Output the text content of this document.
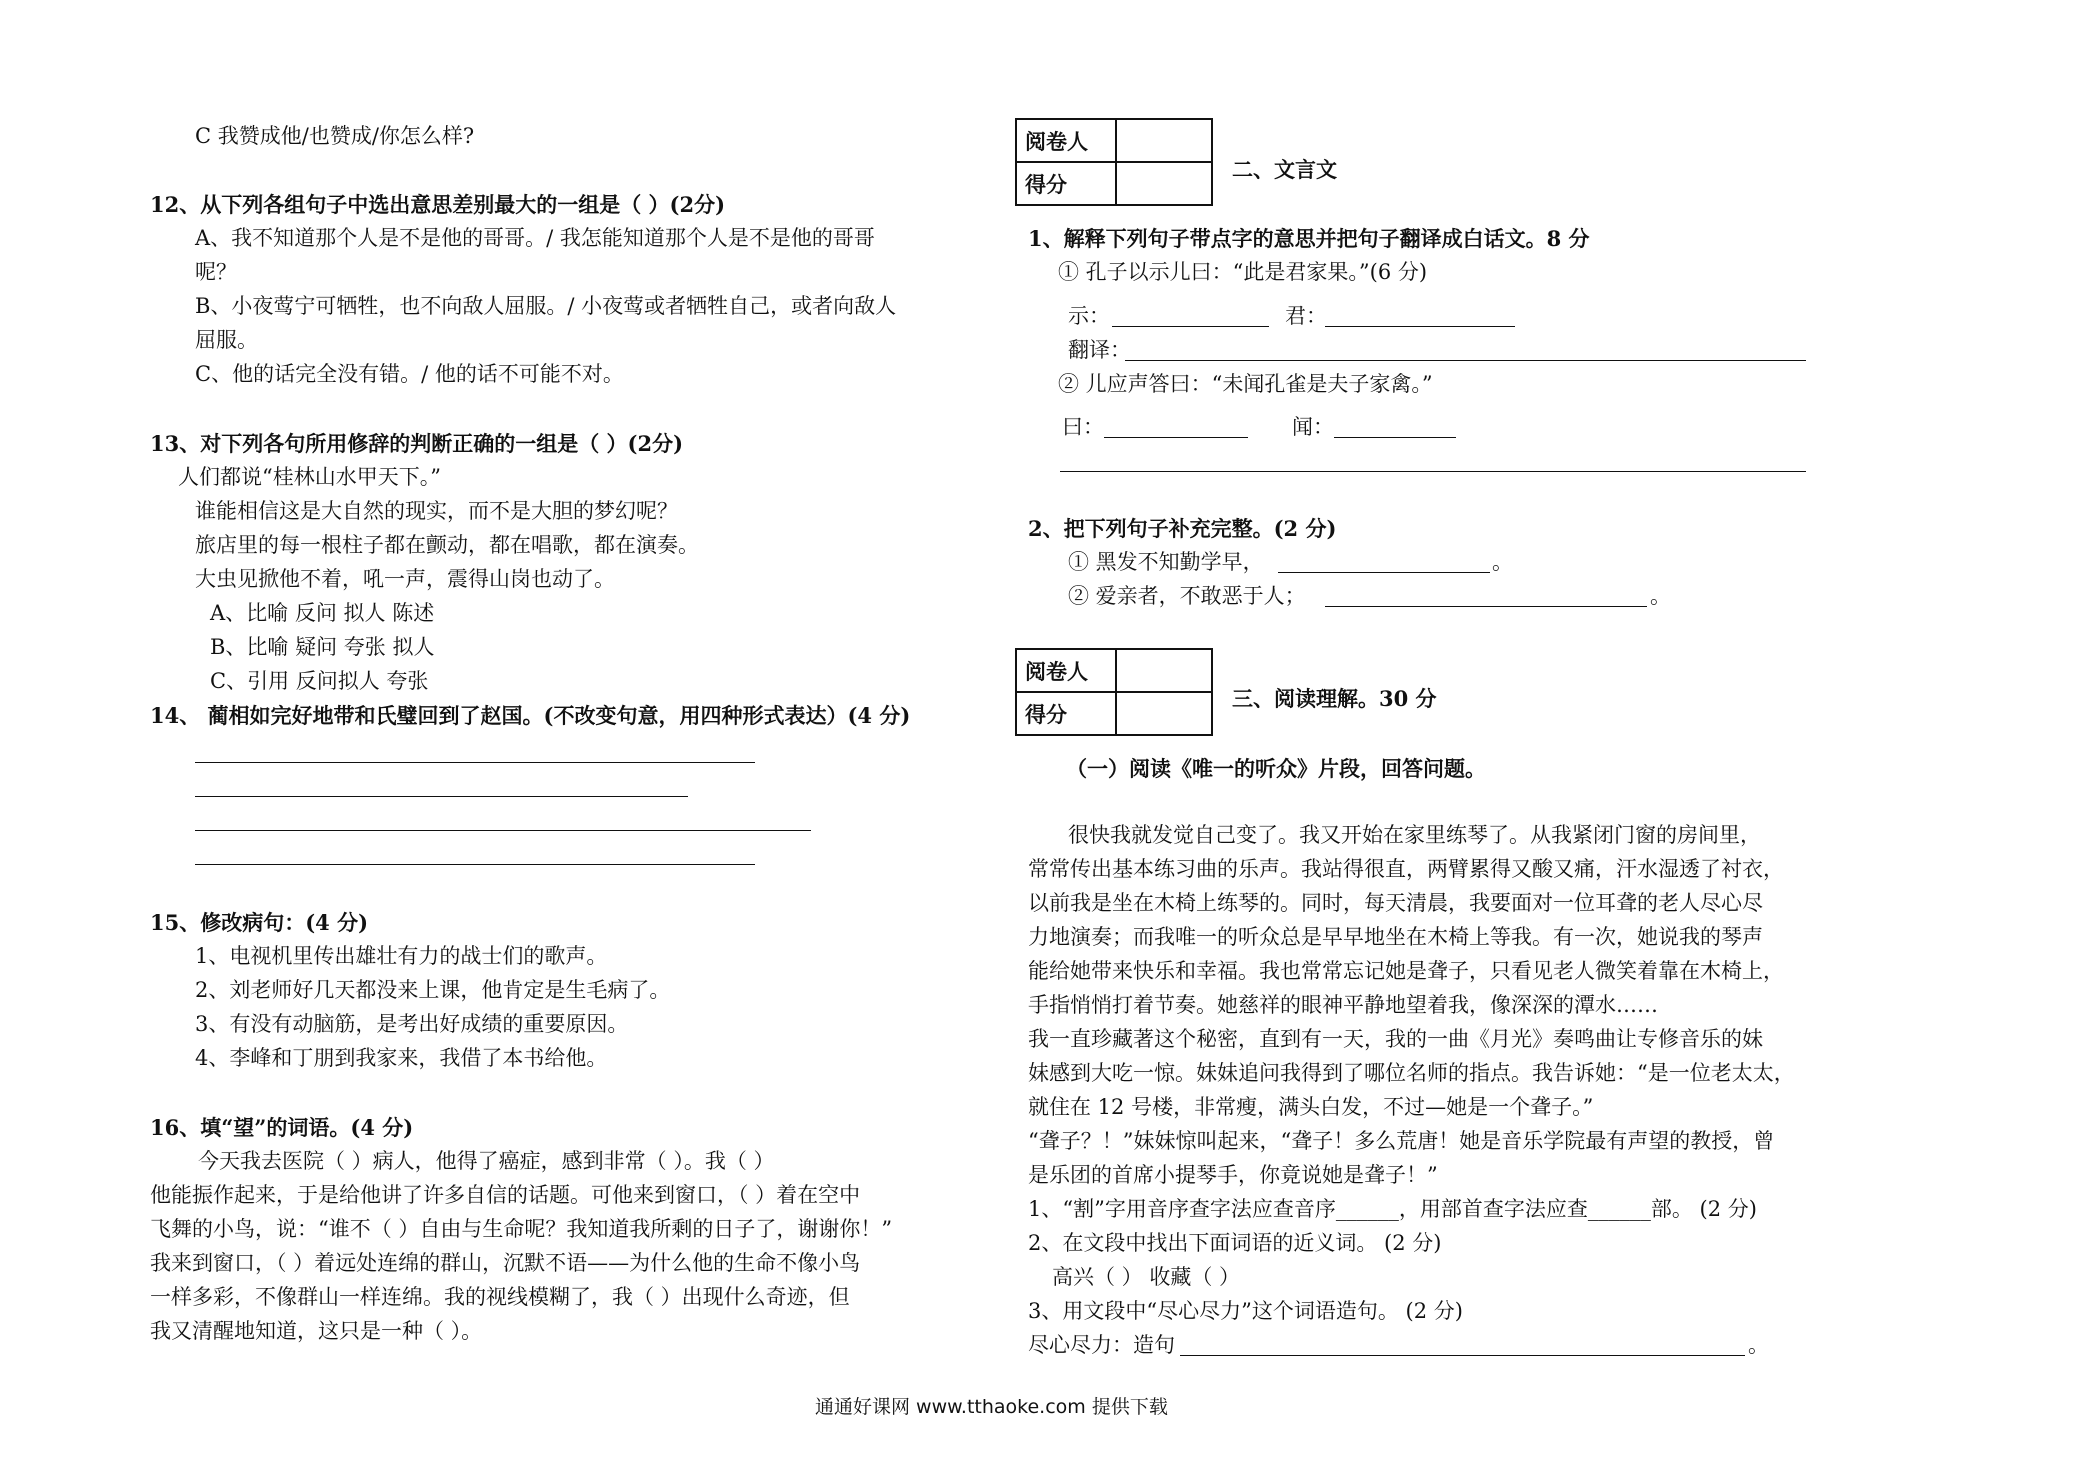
C 我赞成他/也赞成/你怎么样?
12、从下列各组句子中选出意思差别最大的一组是（ ）(2分)
A、我不知道那个人是不是他的哥哥。/ 我怎能知道那个人是不是他的哥哥
呢？
B、小夜莺宁可牺牲，也不向敌人屈服。/ 小夜莺或者牺牲自己，或者向敌人
屈服。
C、他的话完全没有错。/ 他的话不可能不对。
13、对下列各句所用修辞的判断正确的一组是（ ）(2分)
人们都说“桂林山水甲天下。”
谁能相信这是大自然的现实，而不是大胆的梦幻呢？
旅店里的每一根柱子都在颤动，都在唱歌，都在演奏。
大虫见掀他不着，吼一声，震得山岗也动了。
A、比喻 反问 拟人 陈述
B、比喻 疑问 夸张 拟人
C、引用 反问拟人 夸张
14、 蔺相如完好地带和氏璧回到了赵国。(不改变句意，用四种形式表达）(4 分)
15、修改病句：(4 分)
1、电视机里传出雄壮有力的战士们的歌声。
2、刘老师好几天都没来上课，他肯定是生毛病了。
3、有没有动脑筋，是考出好成绩的重要原因。
4、李峰和丁朋到我家来，我借了本书给他。
16、填“望”的词语。(4 分)
今天我去医院（ ）病人，他得了癌症，感到非常（ ）。我（ ）
他能振作起来，于是给他讲了许多自信的话题。可他来到窗口，（ ）着在空中
飞舞的小鸟，说：“谁不（ ）自由与生命呢？我知道我所剩的日子了，谢谢你！”
我来到窗口，（ ）着远处连绵的群山，沉默不语——为什么他的生命不像小鸟
一样多彩，不像群山一样连绵。我的视线模糊了，我（ ）出现什么奇迹，但
我又清醒地知道，这只是一种（ ）。
阅卷人	
得分	
二、文言文
1、解释下列句子带点字的意思并把句子翻译成白话文。8 分
① 孔子以示儿曰：“此是君家果。”(6 分)
示：	君：
翻译：
② 儿应声答曰：“未闻孔雀是夫子家禽。”
曰：	闻：
2、把下列句子补充完整。(2 分)
① 黑发不知勤学早，	。
② 爱亲者，不敢恶于人；	。
阅卷人	
得分	
三、阅读理解。30 分
（一）阅读《唯一的听众》片段，回答问题。
很快我就发觉自己变了。我又开始在家里练琴了。从我紧闭门窗的房间里，
常常传出基本练习曲的乐声。我站得很直，两臂累得又酸又痛，汗水湿透了衬衣，
以前我是坐在木椅上练琴的。同时，每天清晨，我要面对一位耳聋的老人尽心尽
力地演奏；而我唯一的听众总是早早地坐在木椅上等我。有一次，她说我的琴声
能给她带来快乐和幸福。我也常常忘记她是聋子，只看见老人微笑着靠在木椅上，
手指悄悄打着节奏。她慈祥的眼神平静地望着我，像深深的潭水……
我一直珍藏著这个秘密，直到有一天，我的一曲《月光》奏鸣曲让专修音乐的妹
妹感到大吃一惊。妹妹追问我得到了哪位名师的指点。我告诉她：“是一位老太太，
就住在 12 号楼，非常瘦，满头白发，不过—她是一个聋子。”
“聋子？！”妹妹惊叫起来，“聋子！多么荒唐！她是音乐学院最有声望的教授，曾
是乐团的首席小提琴手，你竟说她是聋子！”
1、“割”字用音序查字法应查音序______，用部首查字法应查______部。 (2 分)
2、在文段中找出下面词语的近义词。 (2 分)
高兴（ ） 收藏（ ）
3、用文段中“尽心尽力”这个词语造句。 (2 分)
尽心尽力：造句	。
通通好课网 www.tthaoke.com 提供下载
